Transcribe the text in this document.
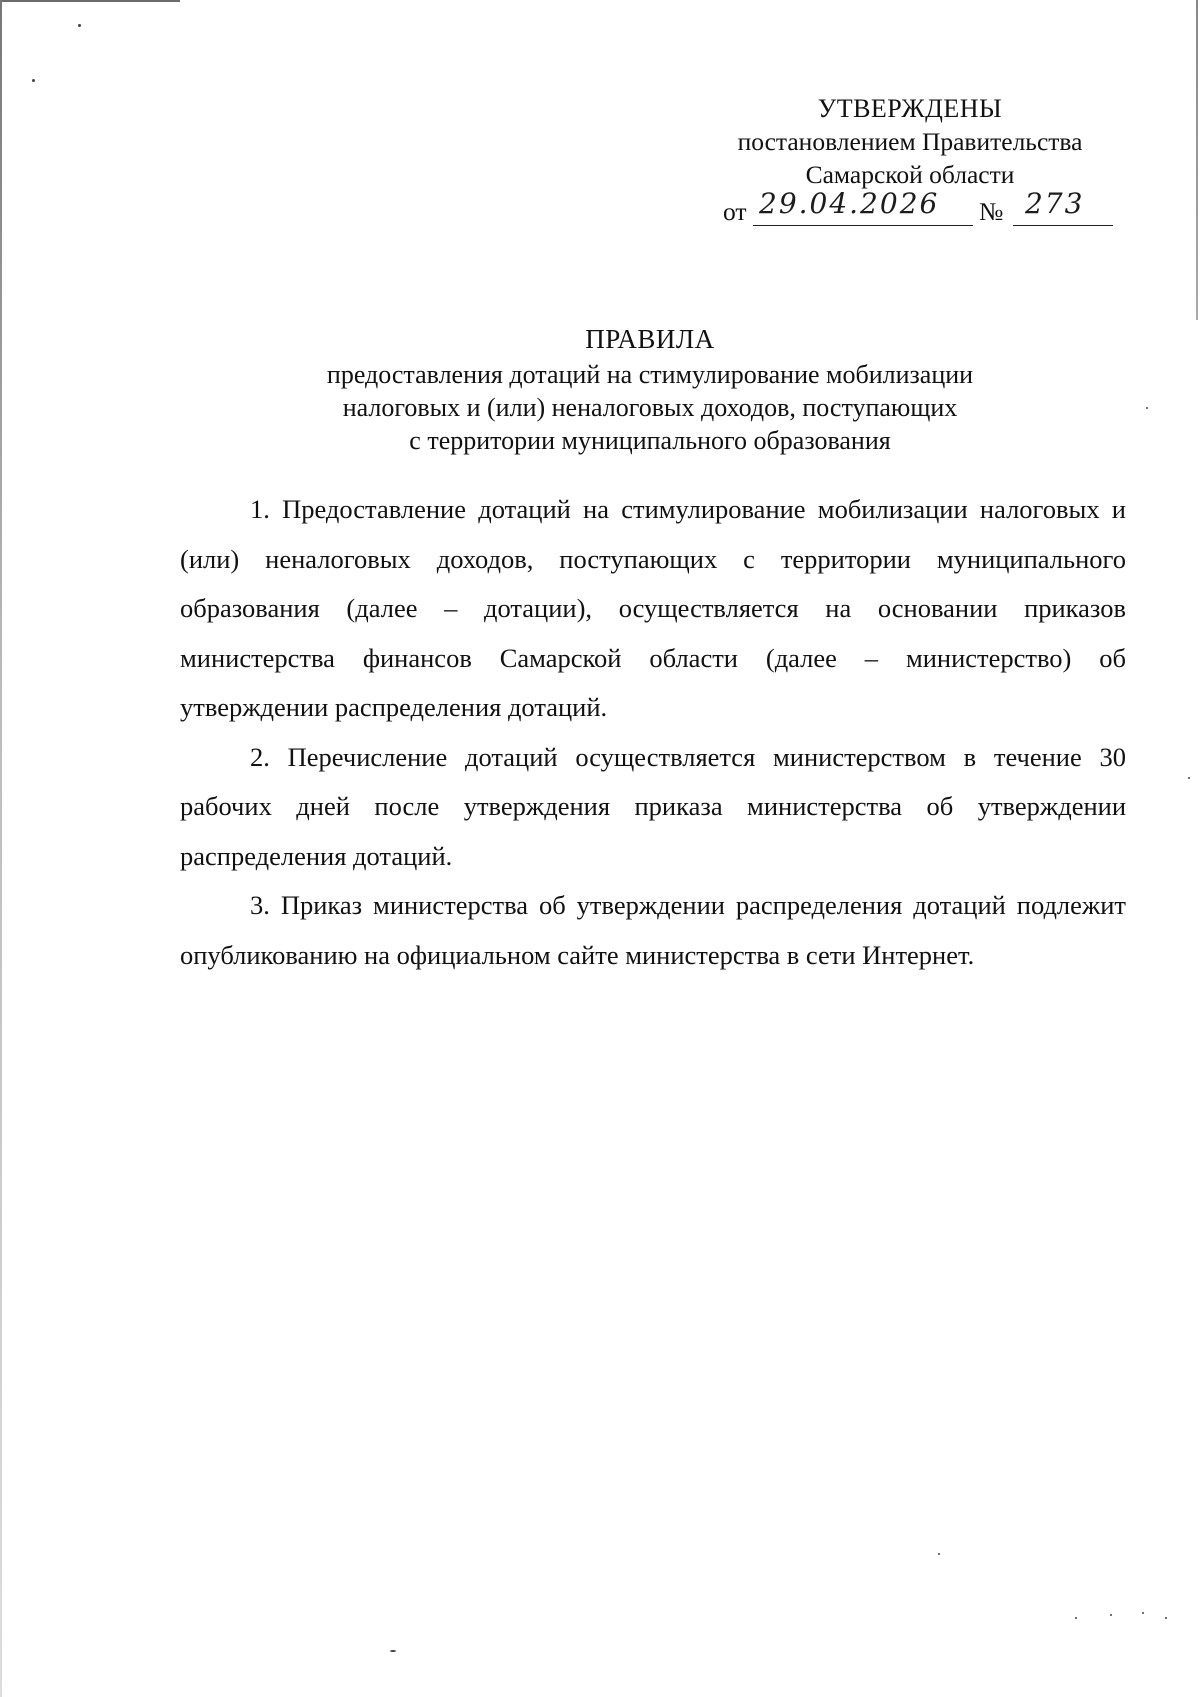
УТВЕРЖДЕНЫ
постановлением Правительства
Самарской области
от 29.04.2026 № 273
ПРАВИЛА
предоставления дотаций на стимулирование мобилизации
налоговых и (или) неналоговых доходов, поступающих
с территории муниципального образования

1. Предоставление дотаций на стимулирование мобилизации налоговых и (или) неналоговых доходов, поступающих с территории муниципального образования (далее – дотации), осуществляется на основании приказов министерства финансов Самарской области (далее – министерство) об утверждении распределения дотаций.

2. Перечисление дотаций осуществляется министерством в течение 30 рабочих дней после утверждения приказа министерства об утверждении распределения дотаций.

3. Приказ министерства об утверждении распределения дотаций подлежит опубликованию на официальном сайте министерства в сети Интернет.
